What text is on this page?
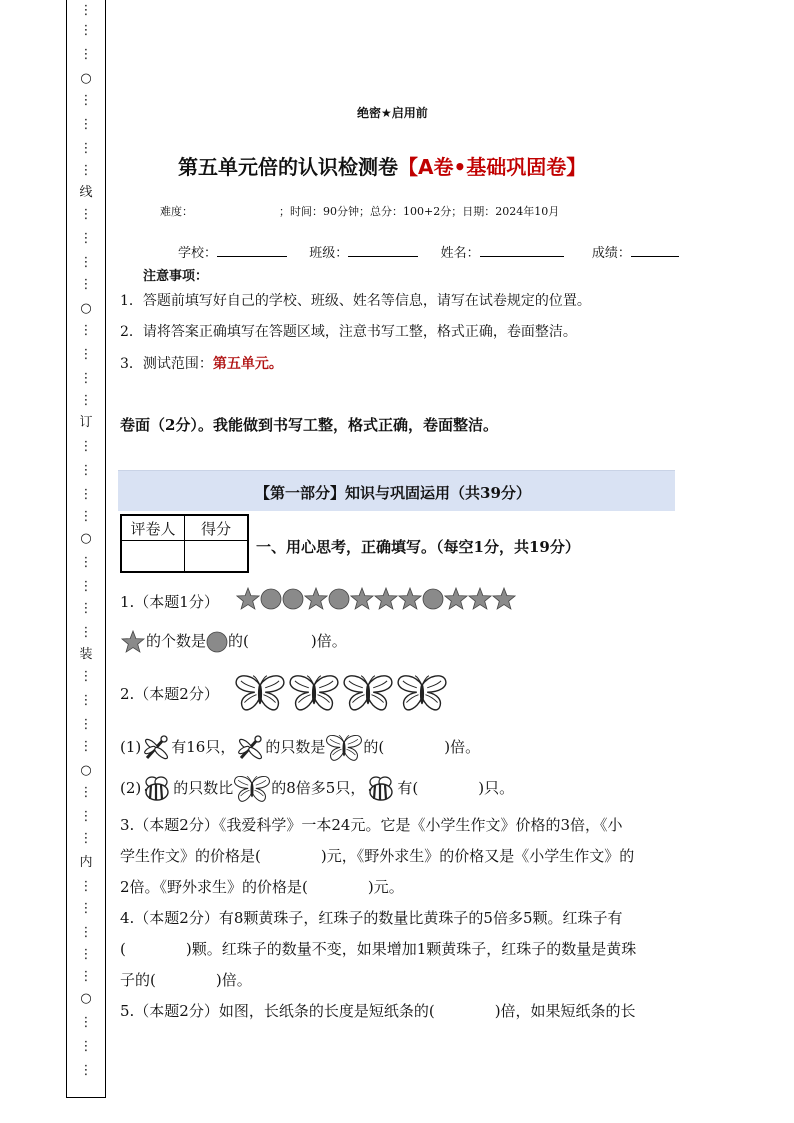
⋮
⋮
⋮
○
⋮
⋮
⋮
⋮
线
⋮
⋮
⋮
⋮
○
⋮
⋮
⋮
⋮
订
⋮
⋮
⋮
⋮
○
⋮
⋮
⋮
⋮
装
⋮
⋮
⋮
⋮
○
⋮
⋮
⋮
内
⋮
⋮
⋮
⋮
⋮
○
⋮
⋮
⋮
绝密★启用前
第五单元倍的认识检测卷【A卷•基础巩固卷】
难度：	；时间：90分钟；总分：100+2分；日期：2024年10月
学校：	班级：	姓名：	成绩：
注意事项：
1．答题前填写好自己的学校、班级、姓名等信息，请写在试卷规定的位置。
2．请将答案正确填写在答题区域，注意书写工整，格式正确，卷面整洁。
3．测试范围：第五单元。
卷面（2分）。我能做到书写工整，格式正确，卷面整洁。
【第一部分】知识与巩固运用（共39分）
评卷人	得分

一、用心思考，正确填写。（每空1分，共19分）
1.（本题1分）
的个数是 的(	)倍。
2.（本题2分）
(1) 有16只， 的只数是	的(	)倍。
(2) 的只数比	的8倍多5只， 有(	)只。
3.（本题2分）《我爱科学》一本24元。它是《小学生作文》价格的3倍，《小
学生作文》的价格是(　　　　)元，《野外求生》的价格又是《小学生作文》的
2倍。《野外求生》的价格是(　　　　)元。
4.（本题2分）有8颗黄珠子，红珠子的数量比黄珠子的5倍多5颗。红珠子有
(　　　　)颗。红珠子的数量不变，如果增加1颗黄珠子，红珠子的数量是黄珠
子的(　　　　)倍。
5.（本题2分）如图，长纸条的长度是短纸条的(　　　　)倍，如果短纸条的长
